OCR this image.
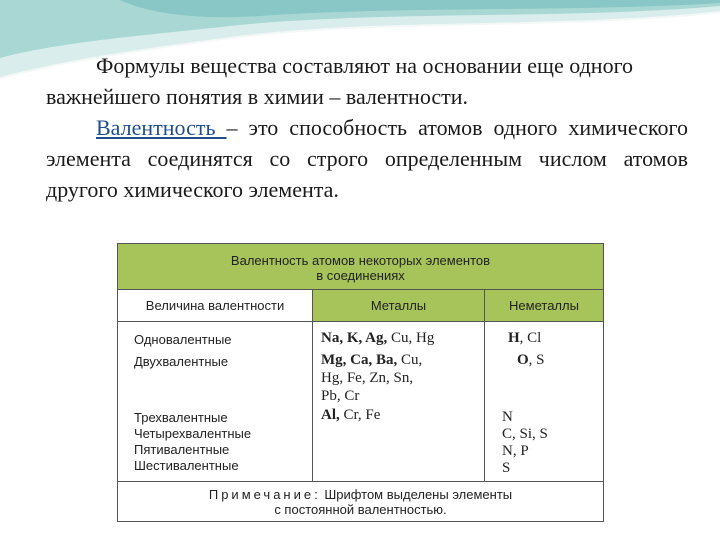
Формулы вещества составляют на основании еще одного важнейшего понятия в химии – валентности.

Валентность – это способность атомов одного химического элемента соединятся со строго определенным числом атомов другого химического элемента.

Валентность атомов некоторых элементов
в соединениях
Величина валентности	Металлы	Неметаллы
Одновалентные
Двухвалентные
Трехвалентные
Четырехвалентные
Пятивалентные
Шестивалентные
Na, K, Ag, Cu, Hg
Mg, Ca, Ba, Cu,
Hg, Fe, Zn, Sn,
Pb, Cr
Al, Cr, Fe
H, Cl
O, S
N
C, Si, S
N, P
S
Примечание: Шрифтом выделены элементы
с постоянной валентностью.
